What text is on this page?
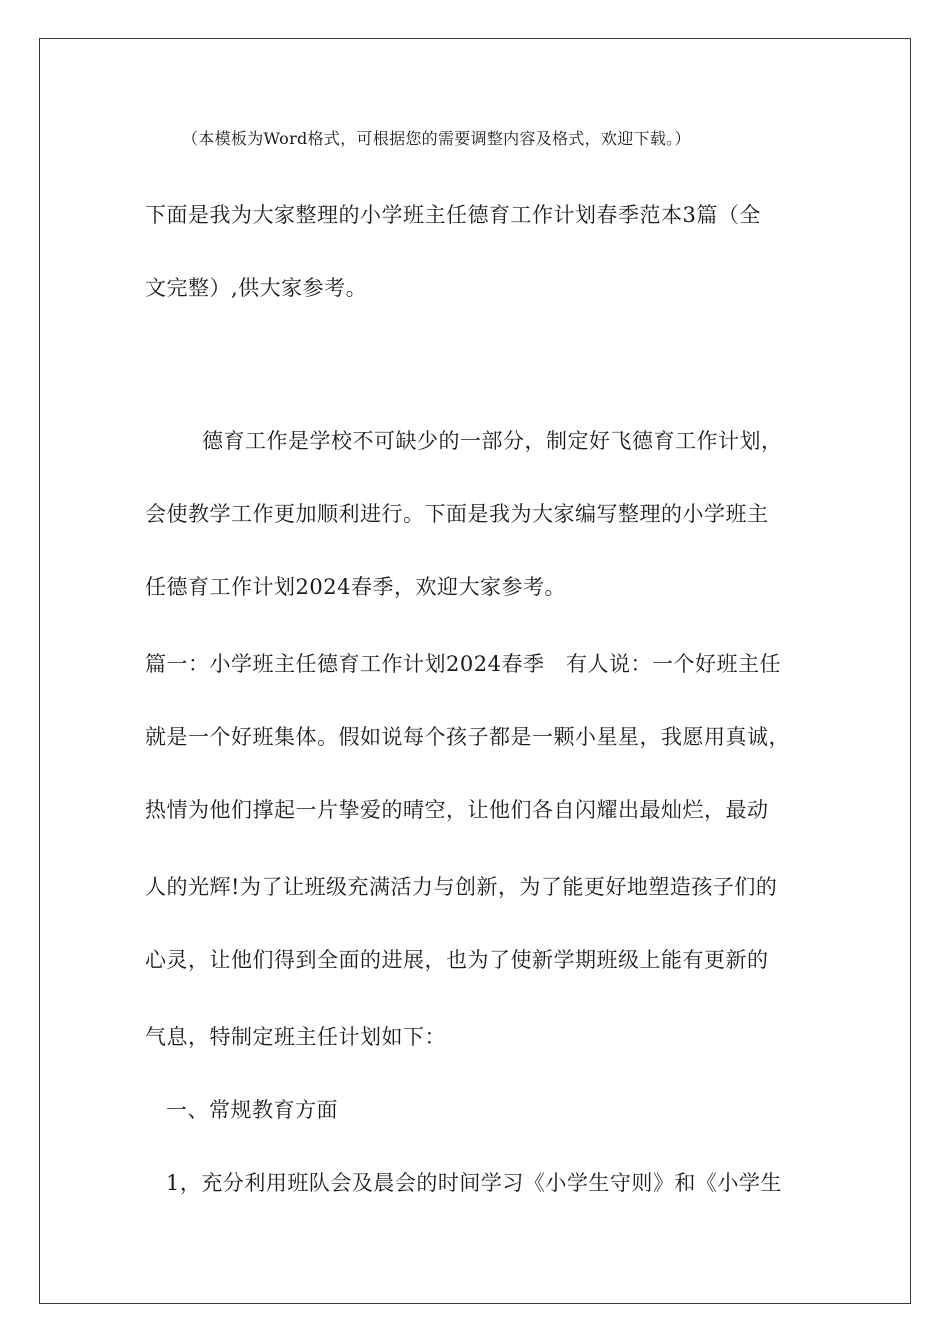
（本模板为Word格式，可根据您的需要调整内容及格式，欢迎下载。）
下面是我为大家整理的小学班主任德育工作计划春季范本3篇（全
文完整）,供大家参考。
德育工作是学校不可缺少的一部分，制定好飞德育工作计划，
会使教学工作更加顺利进行。下面是我为大家编写整理的小学班主
任德育工作计划2024春季，欢迎大家参考。
篇一：小学班主任德育工作计划2024春季　有人说：一个好班主任
就是一个好班集体。假如说每个孩子都是一颗小星星，我愿用真诚，
热情为他们撑起一片挚爱的晴空，让他们各自闪耀出最灿烂，最动
人的光辉!为了让班级充满活力与创新，为了能更好地塑造孩子们的
心灵，让他们得到全面的进展，也为了使新学期班级上能有更新的
气息，特制定班主任计划如下：
一、常规教育方面
1，充分利用班队会及晨会的时间学习《小学生守则》和《小学生
